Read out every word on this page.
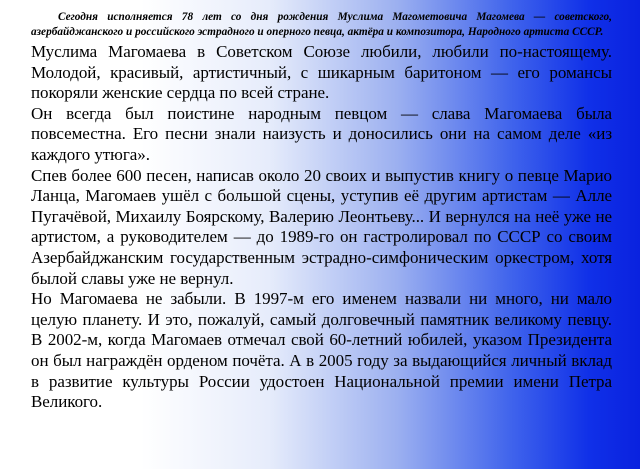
Сегодня исполняется 78 лет со дня рождения Муслима Магометовича Магомева — советского, азербайджанского и российского эстрадного и оперного певца, актёра и композитора, Народного артиста СССР.

Муслима Магомаева в Советском Союзе любили, любили по-настоящему. Молодой, красивый, артистичный, с шикарным баритоном — его романсы покоряли женские сердца по всей стране.

Он всегда был поистине народным певцом — слава Магомаева была повсеместна. Его песни знали наизусть и доносились они на самом деле «из каждого утюга».

Спев более 600 песен, написав около 20 своих и выпустив книгу о певце Марио Ланца, Магомаев ушёл с большой сцены, уступив её другим артистам — Алле Пугачёвой, Михаилу Боярскому, Валерию Леонтьеву... И вернулся на неё уже не артистом, а руководителем — до 1989-го он гастролировал по СССР со своим Азербайджанским государственным эстрадно-симфоническим оркестром, хотя былой славы уже не вернул.

Но Магомаева не забыли. В 1997-м его именем назвали ни много, ни мало целую планету. И это, пожалуй, самый долговечный памятник великому певцу. В 2002-м, когда Магомаев отмечал свой 60-летний юбилей, указом Президента он был награждён орденом почёта. А в 2005 году за выдающийся личный вклад в развитие культуры России удостоен Национальной премии имени Петра Великого.
